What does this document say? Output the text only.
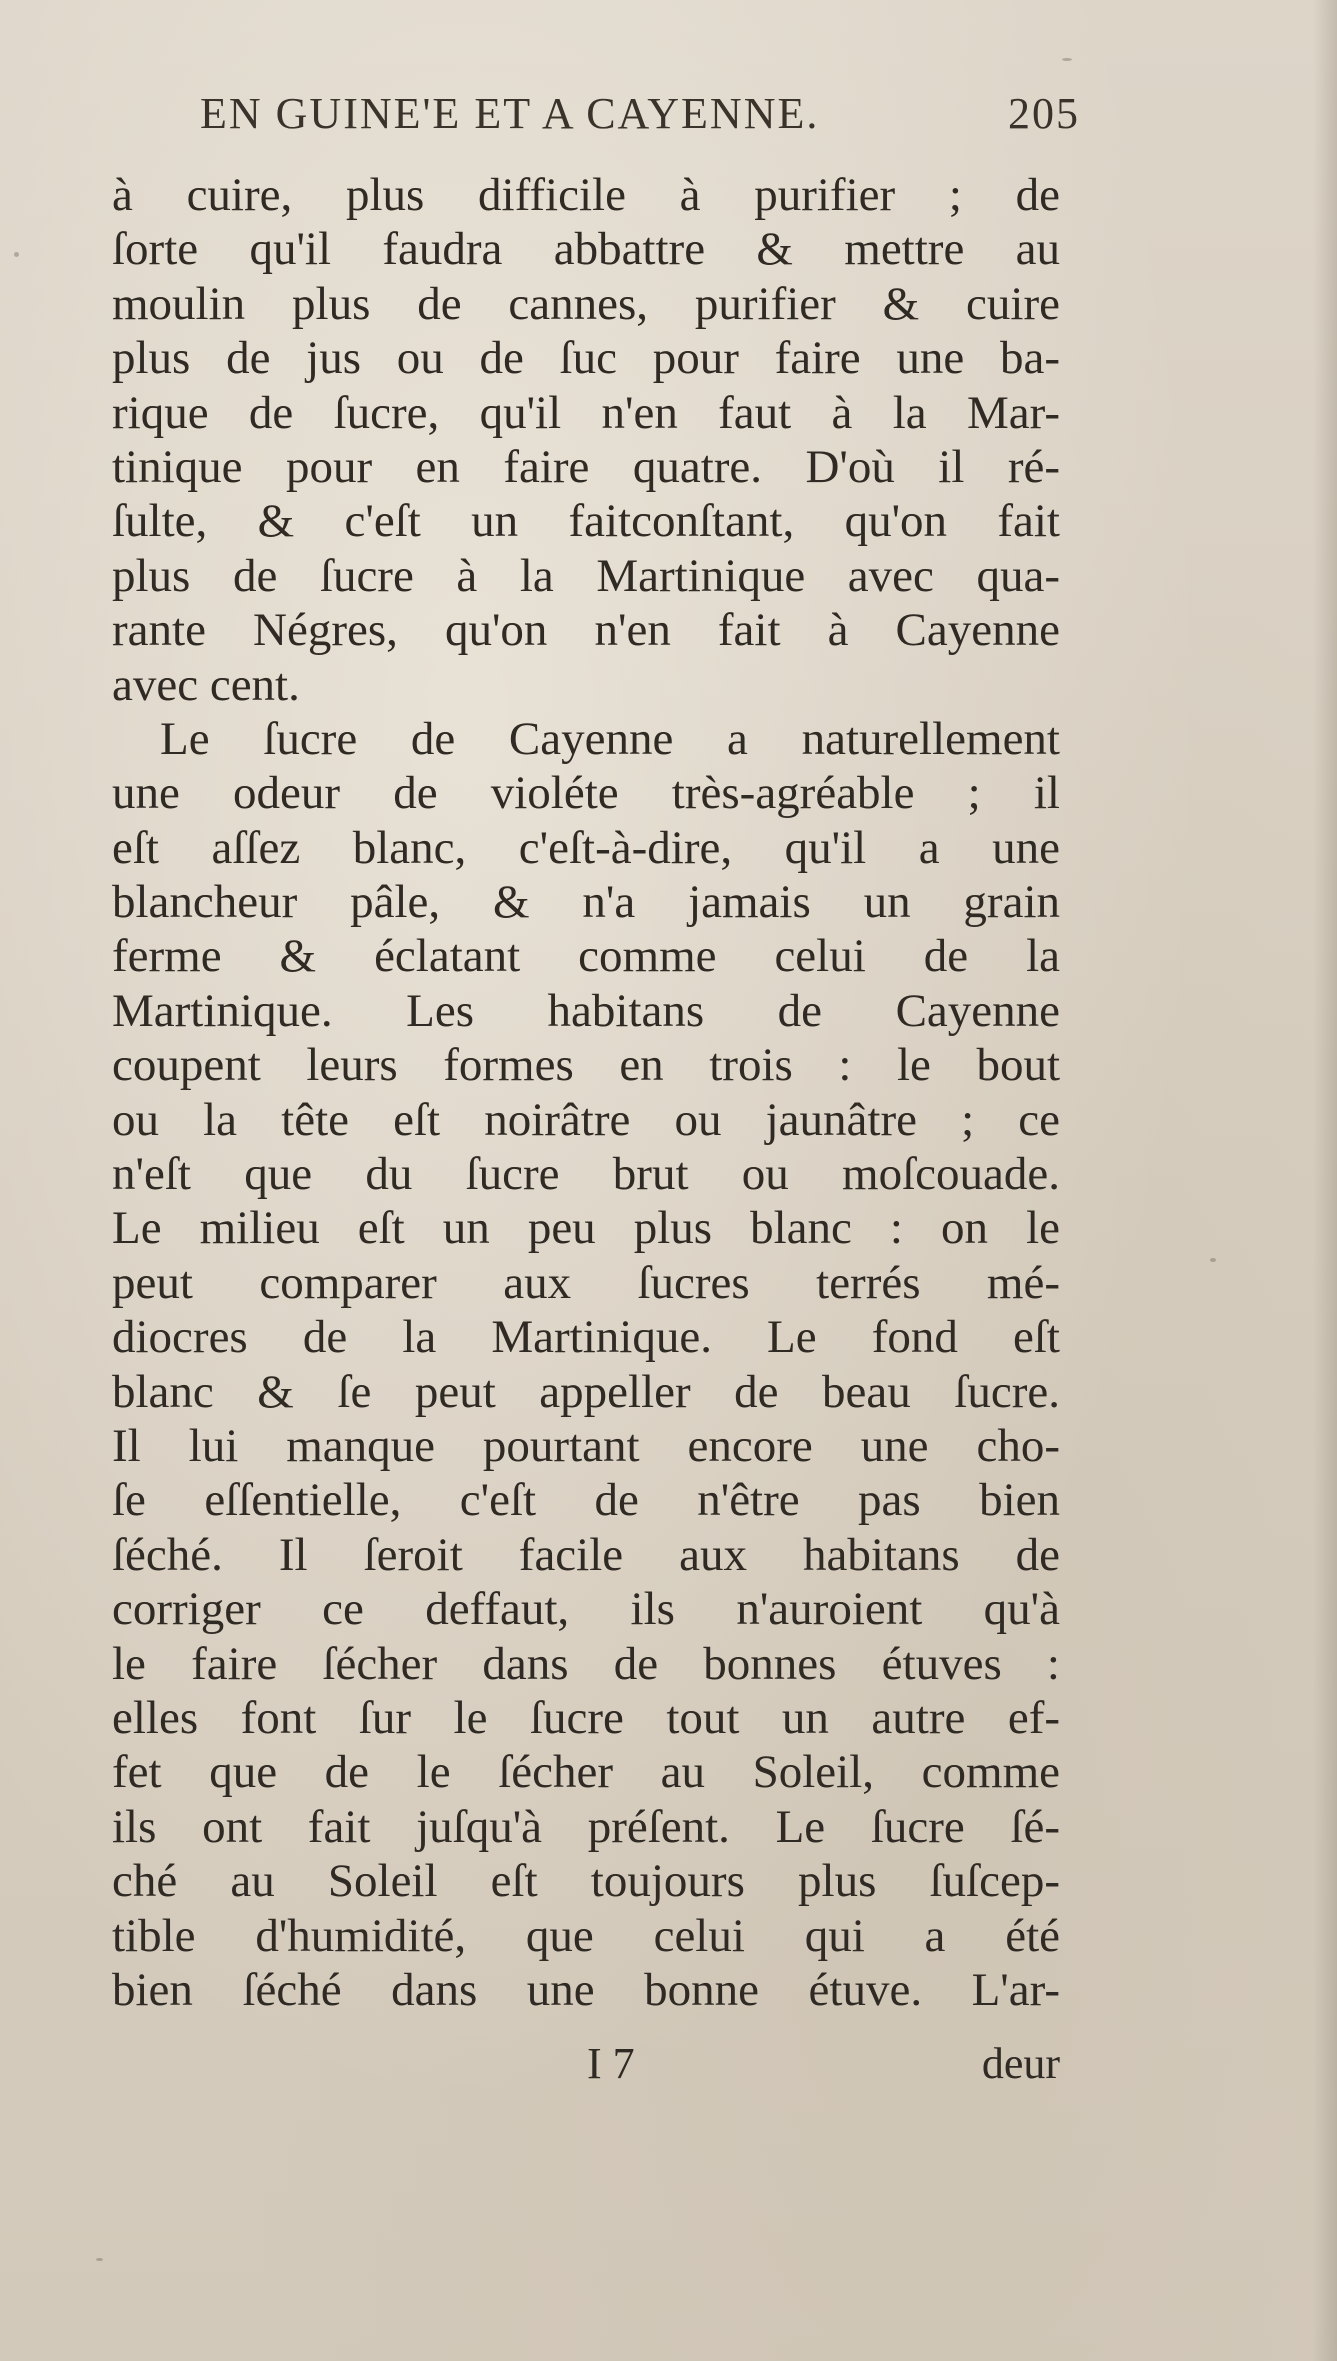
EN GUINE'E ET A CAYENNE.	205
à cuire, plus difficile à purifier ; de
ſorte qu'il faudra abbattre & mettre au
moulin plus de cannes, purifier & cuire
plus de jus ou de ſuc pour faire une ba-
rique de ſucre, qu'il n'en faut à la Mar-
tinique pour en faire quatre. D'où il ré-
ſulte, & c'eſt un faitconſtant, qu'on fait
plus de ſucre à la Martinique avec qua-
rante Négres, qu'on n'en fait à Cayenne
avec cent.
Le ſucre de Cayenne a naturellement
une odeur de violéte très-agréable ; il
eſt aſſez blanc, c'eſt-à-dire, qu'il a une
blancheur pâle, & n'a jamais un grain
ferme & éclatant comme celui de la
Martinique. Les habitans de Cayenne
coupent leurs formes en trois : le bout
ou la tête eſt noirâtre ou jaunâtre ; ce
n'eſt que du ſucre brut ou moſcouade.
Le milieu eſt un peu plus blanc : on le
peut comparer aux ſucres terrés mé-
diocres de la Martinique. Le fond eſt
blanc & ſe peut appeller de beau ſucre.
Il lui manque pourtant encore une cho-
ſe eſſentielle, c'eſt de n'être pas bien
ſéché. Il ſeroit facile aux habitans de
corriger ce deffaut, ils n'auroient qu'à
le faire ſécher dans de bonnes étuves :
elles font ſur le ſucre tout un autre ef-
fet que de le ſécher au Soleil, comme
ils ont fait juſqu'à préſent. Le ſucre ſé-
ché au Soleil eſt toujours plus ſuſcep-
tible d'humidité, que celui qui a été
bien ſéché dans une bonne étuve. L'ar-
I 7	deur
